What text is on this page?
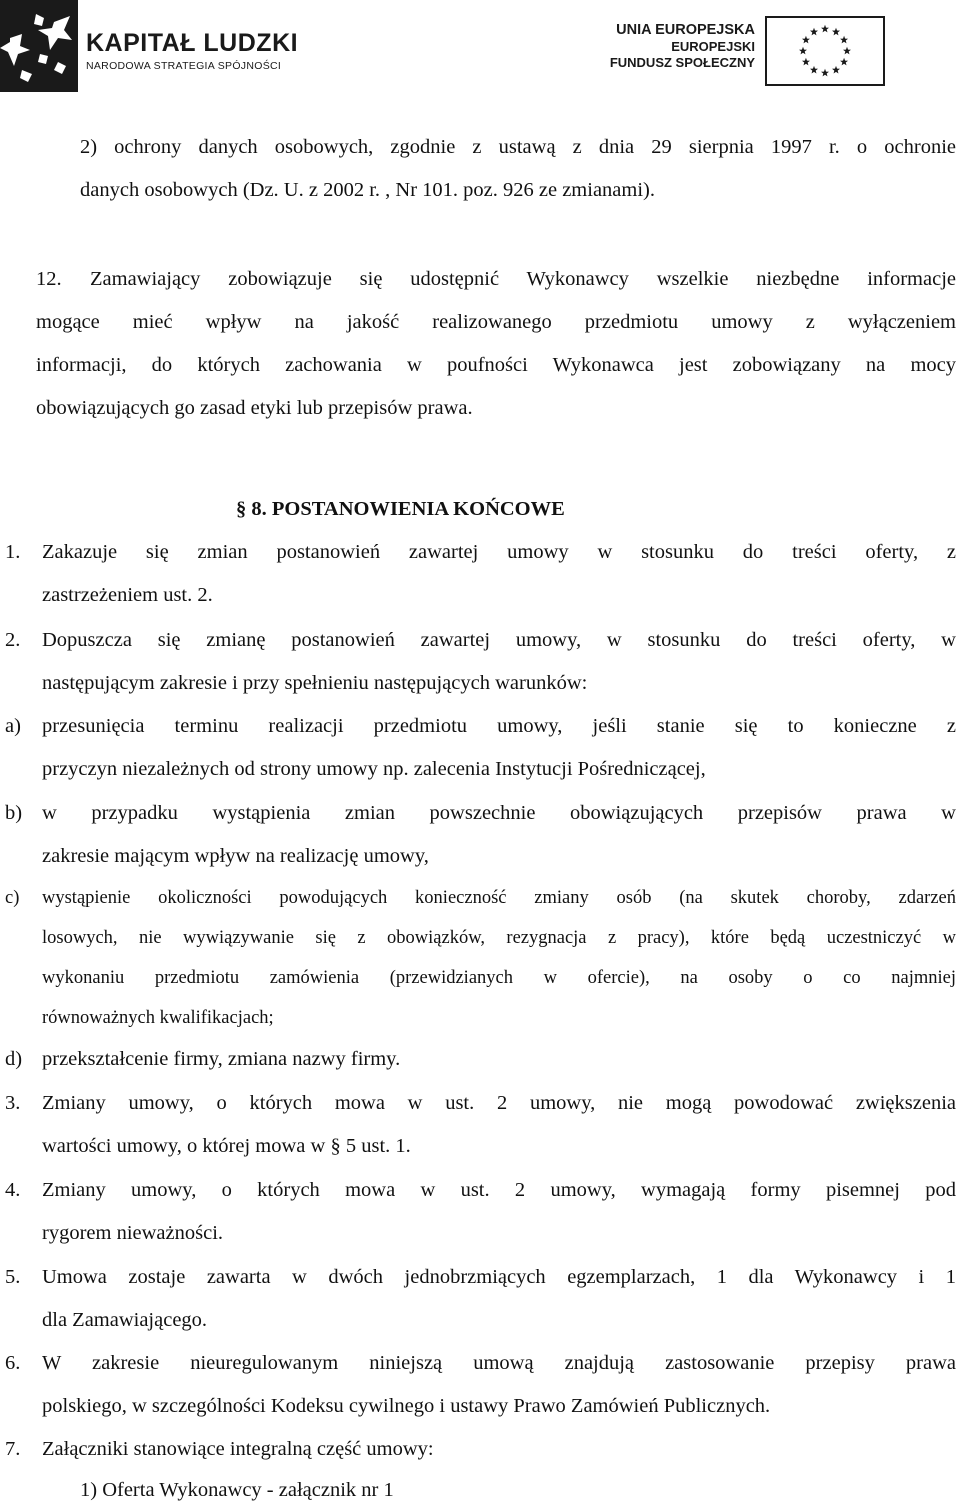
KAPITAŁ LUDZKI
NARODOWA STRATEGIA SPÓJNOŚCI
UNIA EUROPEJSKA
EUROPEJSKI
FUNDUSZ SPOŁECZNY

2) ochrony danych osobowych, zgodnie z ustawą z dnia 29 sierpnia 1997 r. o ochronie

danych osobowych (Dz. U. z 2002 r. , Nr 101. poz. 926 ze zmianami).

12. Zamawiający zobowiązuje się udostępnić Wykonawcy wszelkie niezbędne informacje

mogące mieć wpływ na jakość realizowanego przedmiotu umowy z wyłączeniem

informacji, do których zachowania w poufności Wykonawca jest zobowiązany na mocy

obowiązujących go zasad etyki lub przepisów prawa.

§ 8. POSTANOWIENIA KOŃCOWE

1. Zakazuje się zmian postanowień zawartej umowy w stosunku do treści oferty, z

zastrzeżeniem ust. 2.

2. Dopuszcza się zmianę postanowień zawartej umowy, w stosunku do treści oferty, w

następującym zakresie i przy spełnieniu następujących warunków:

a) przesunięcia terminu realizacji przedmiotu umowy, jeśli stanie się to konieczne z

przyczyn niezależnych od strony umowy np. zalecenia Instytucji Pośredniczącej,

b) w przypadku wystąpienia zmian powszechnie obowiązujących przepisów prawa w

zakresie mającym wpływ na realizację umowy,

c) wystąpienie okoliczności powodujących konieczność zmiany osób (na skutek choroby, zdarzeń

losowych, nie wywiązywanie się z obowiązków, rezygnacja z pracy), które będą uczestniczyć w

wykonaniu przedmiotu zamówienia (przewidzianych w ofercie), na osoby o co najmniej

równoważnych kwalifikacjach;

d) przekształcenie firmy, zmiana nazwy firmy.

3. Zmiany umowy, o których mowa w ust. 2 umowy, nie mogą powodować zwiększenia

wartości umowy, o której mowa w § 5 ust. 1.

4. Zmiany umowy, o których mowa w ust. 2 umowy, wymagają formy pisemnej pod

rygorem nieważności.

5. Umowa zostaje zawarta w dwóch jednobrzmiących egzemplarzach, 1 dla Wykonawcy i 1

dla Zamawiającego.

6. W zakresie nieuregulowanym niniejszą umową znajdują zastosowanie przepisy prawa

polskiego, w szczególności Kodeksu cywilnego i ustawy Prawo Zamówień Publicznych.

7. Załączniki stanowiące integralną część umowy:

1) Oferta Wykonawcy - załącznik nr 1
